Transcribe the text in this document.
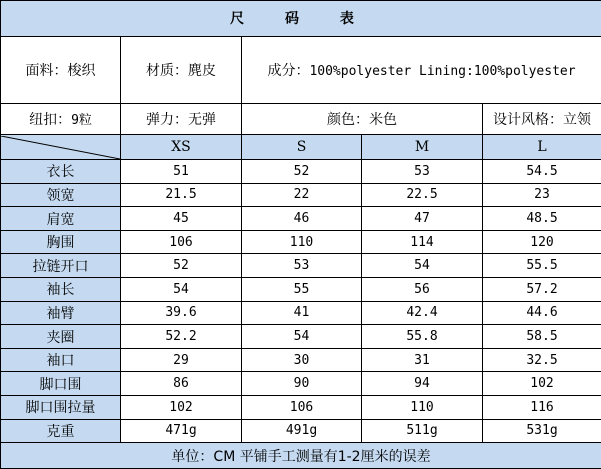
尺 码 表				
面料：梭织	材质：麂皮	成分：100%polyester Lining:100%polyester		
纽扣：9粒	弹力：无弹	颜色：米色		设计风格：立领

	XS	S	M	L
衣长	51	52	53	54.5
领宽	21.5	22	22.5	23
肩宽	45	46	47	48.5
胸围	106	110	114	120
拉链开口	52	53	54	55.5
袖长	54	55	56	57.2
袖臂	39.6	41	42.4	44.6
夹圈	52.2	54	55.8	58.5
袖口	29	30	31	32.5
脚口围	86	90	94	102
脚口围拉量	102	106	110	116
克重	471g	491g	511g	531g
单位：CM 平铺手工测量有1-2厘米的误差				
